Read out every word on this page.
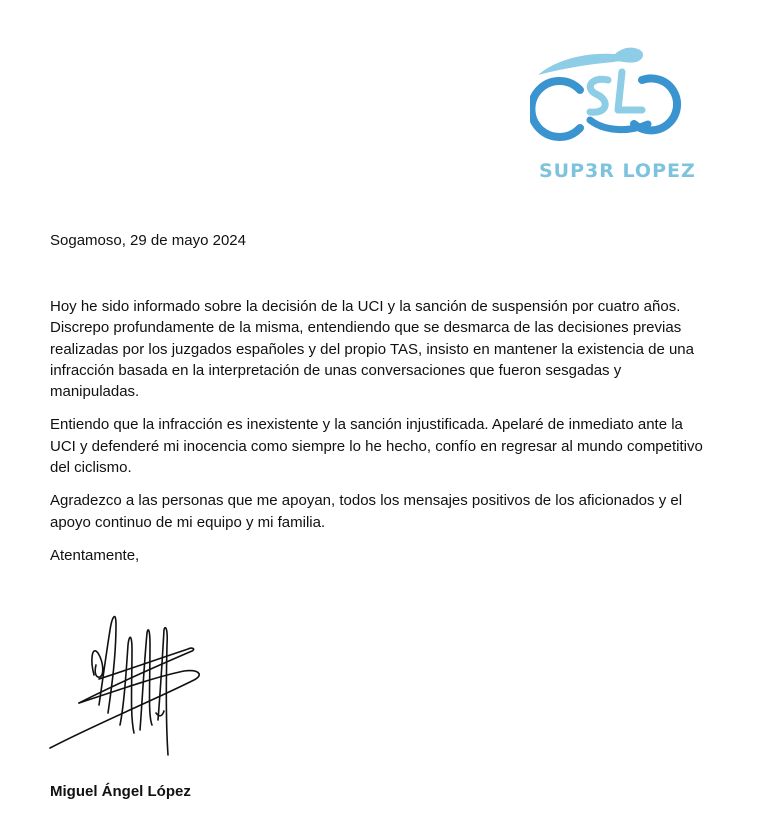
SUP3R LOPEZ
Sogamoso, 29 de mayo 2024

Hoy he sido informado sobre la decisión de la UCI y la sanción de suspensión por cuatro años. Discrepo profundamente de la misma, entendiendo que se desmarca de las decisiones previas realizadas por los juzgados españoles y del propio TAS, insisto en mantener la existencia de una infracción basada en la interpretación de unas conversaciones que fueron sesgadas y manipuladas.

Entiendo que la infracción es inexistente y la sanción injustificada. Apelaré de inmediato ante la UCI y defenderé mi inocencia como siempre lo he hecho, confío en regresar al mundo competitivo del ciclismo.

Agradezco a las personas que me apoyan, todos los mensajes positivos de los aficionados y el apoyo continuo de mi equipo y mi familia.

Atentamente,
Miguel Ángel López
